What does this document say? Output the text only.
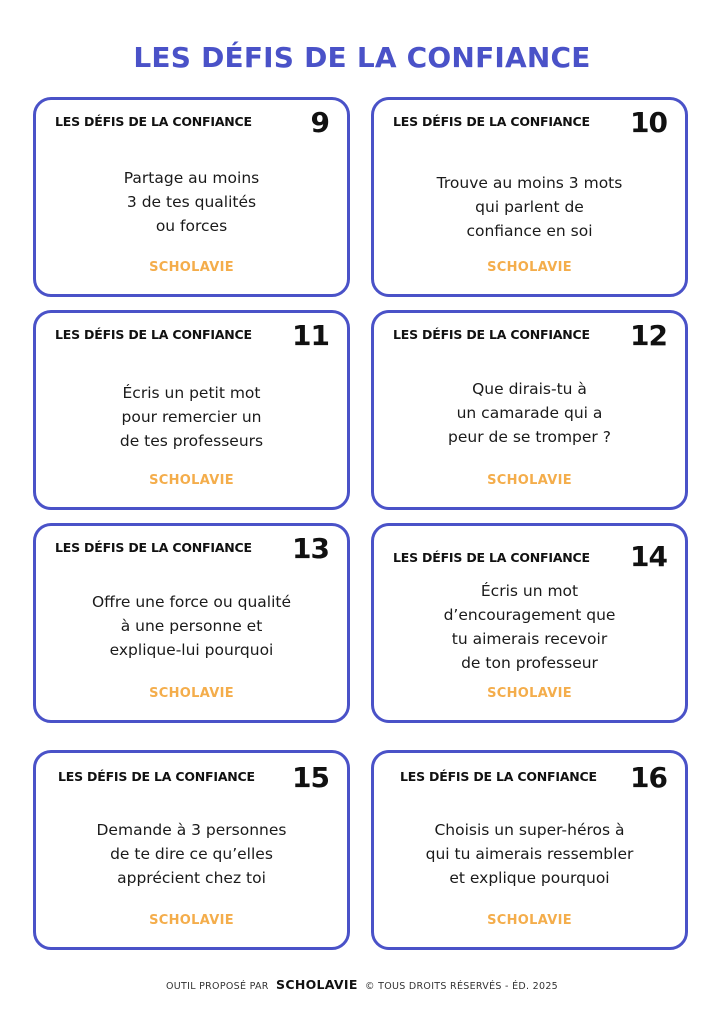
LES DÉFIS DE LA CONFIANCE
LES DÉFIS DE LA CONFIANCE 9
Partage au moins
3 de tes qualités
ou forces
SCHOLAVIE
LES DÉFIS DE LA CONFIANCE 10
Trouve au moins 3 mots
qui parlent de
confiance en soi
SCHOLAVIE
LES DÉFIS DE LA CONFIANCE 11
Écris un petit mot
pour remercier un
de tes professeurs
SCHOLAVIE
LES DÉFIS DE LA CONFIANCE 12
Que dirais-tu à
un camarade qui a
peur de se tromper ?
SCHOLAVIE
LES DÉFIS DE LA CONFIANCE 13
Offre une force ou qualité
à une personne et
explique-lui pourquoi
SCHOLAVIE
LES DÉFIS DE LA CONFIANCE 14
Écris un mot
d’encouragement que
tu aimerais recevoir
de ton professeur
SCHOLAVIE
LES DÉFIS DE LA CONFIANCE 15
Demande à 3 personnes
de te dire ce qu’elles
apprécient chez toi
SCHOLAVIE
LES DÉFIS DE LA CONFIANCE 16
Choisis un super-héros à
qui tu aimerais ressembler
et explique pourquoi
SCHOLAVIE
OUTIL PROPOSÉ PAR SCHOLAVIE © TOUS DROITS RÉSERVÉS - ÉD. 2025
